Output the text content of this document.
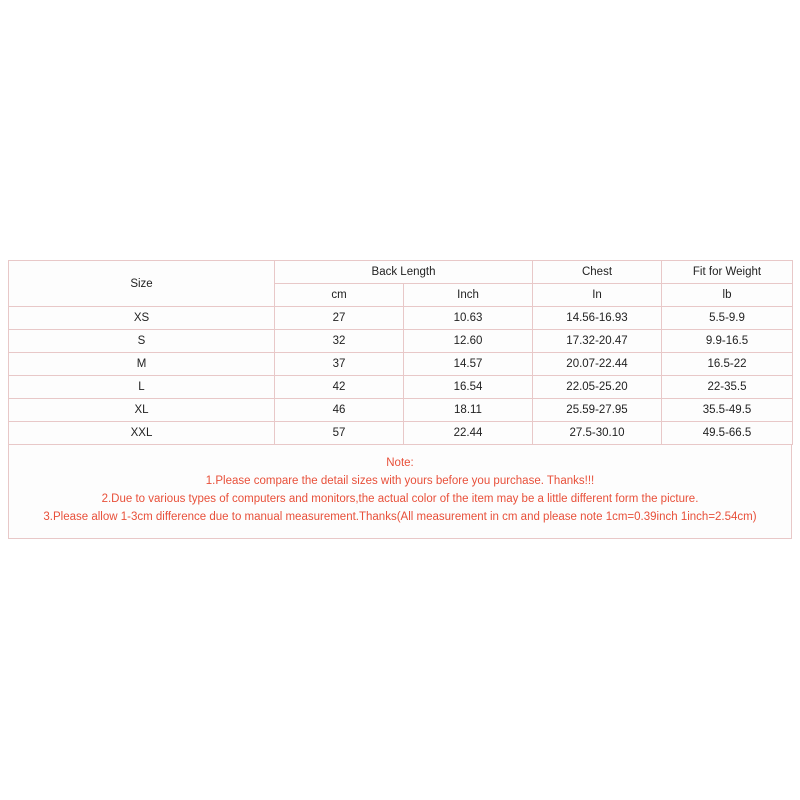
Size	Back Length		Chest	Fit for Weight
	cm	Inch	In	lb
XS	27	10.63	14.56-16.93	5.5-9.9
S	32	12.60	17.32-20.47	9.9-16.5
M	37	14.57	20.07-22.44	16.5-22
L	42	16.54	22.05-25.20	22-35.5
XL	46	18.11	25.59-27.95	35.5-49.5
XXL	57	22.44	27.5-30.10	49.5-66.5
Note:
1.Please compare the detail sizes with yours before you purchase. Thanks!!!
2.Due to various types of computers and monitors,the actual color of the item may be a little different form the picture.
3.Please allow 1-3cm difference due to manual measurement.Thanks(All measurement in cm and please note 1cm=0.39inch 1inch=2.54cm)
